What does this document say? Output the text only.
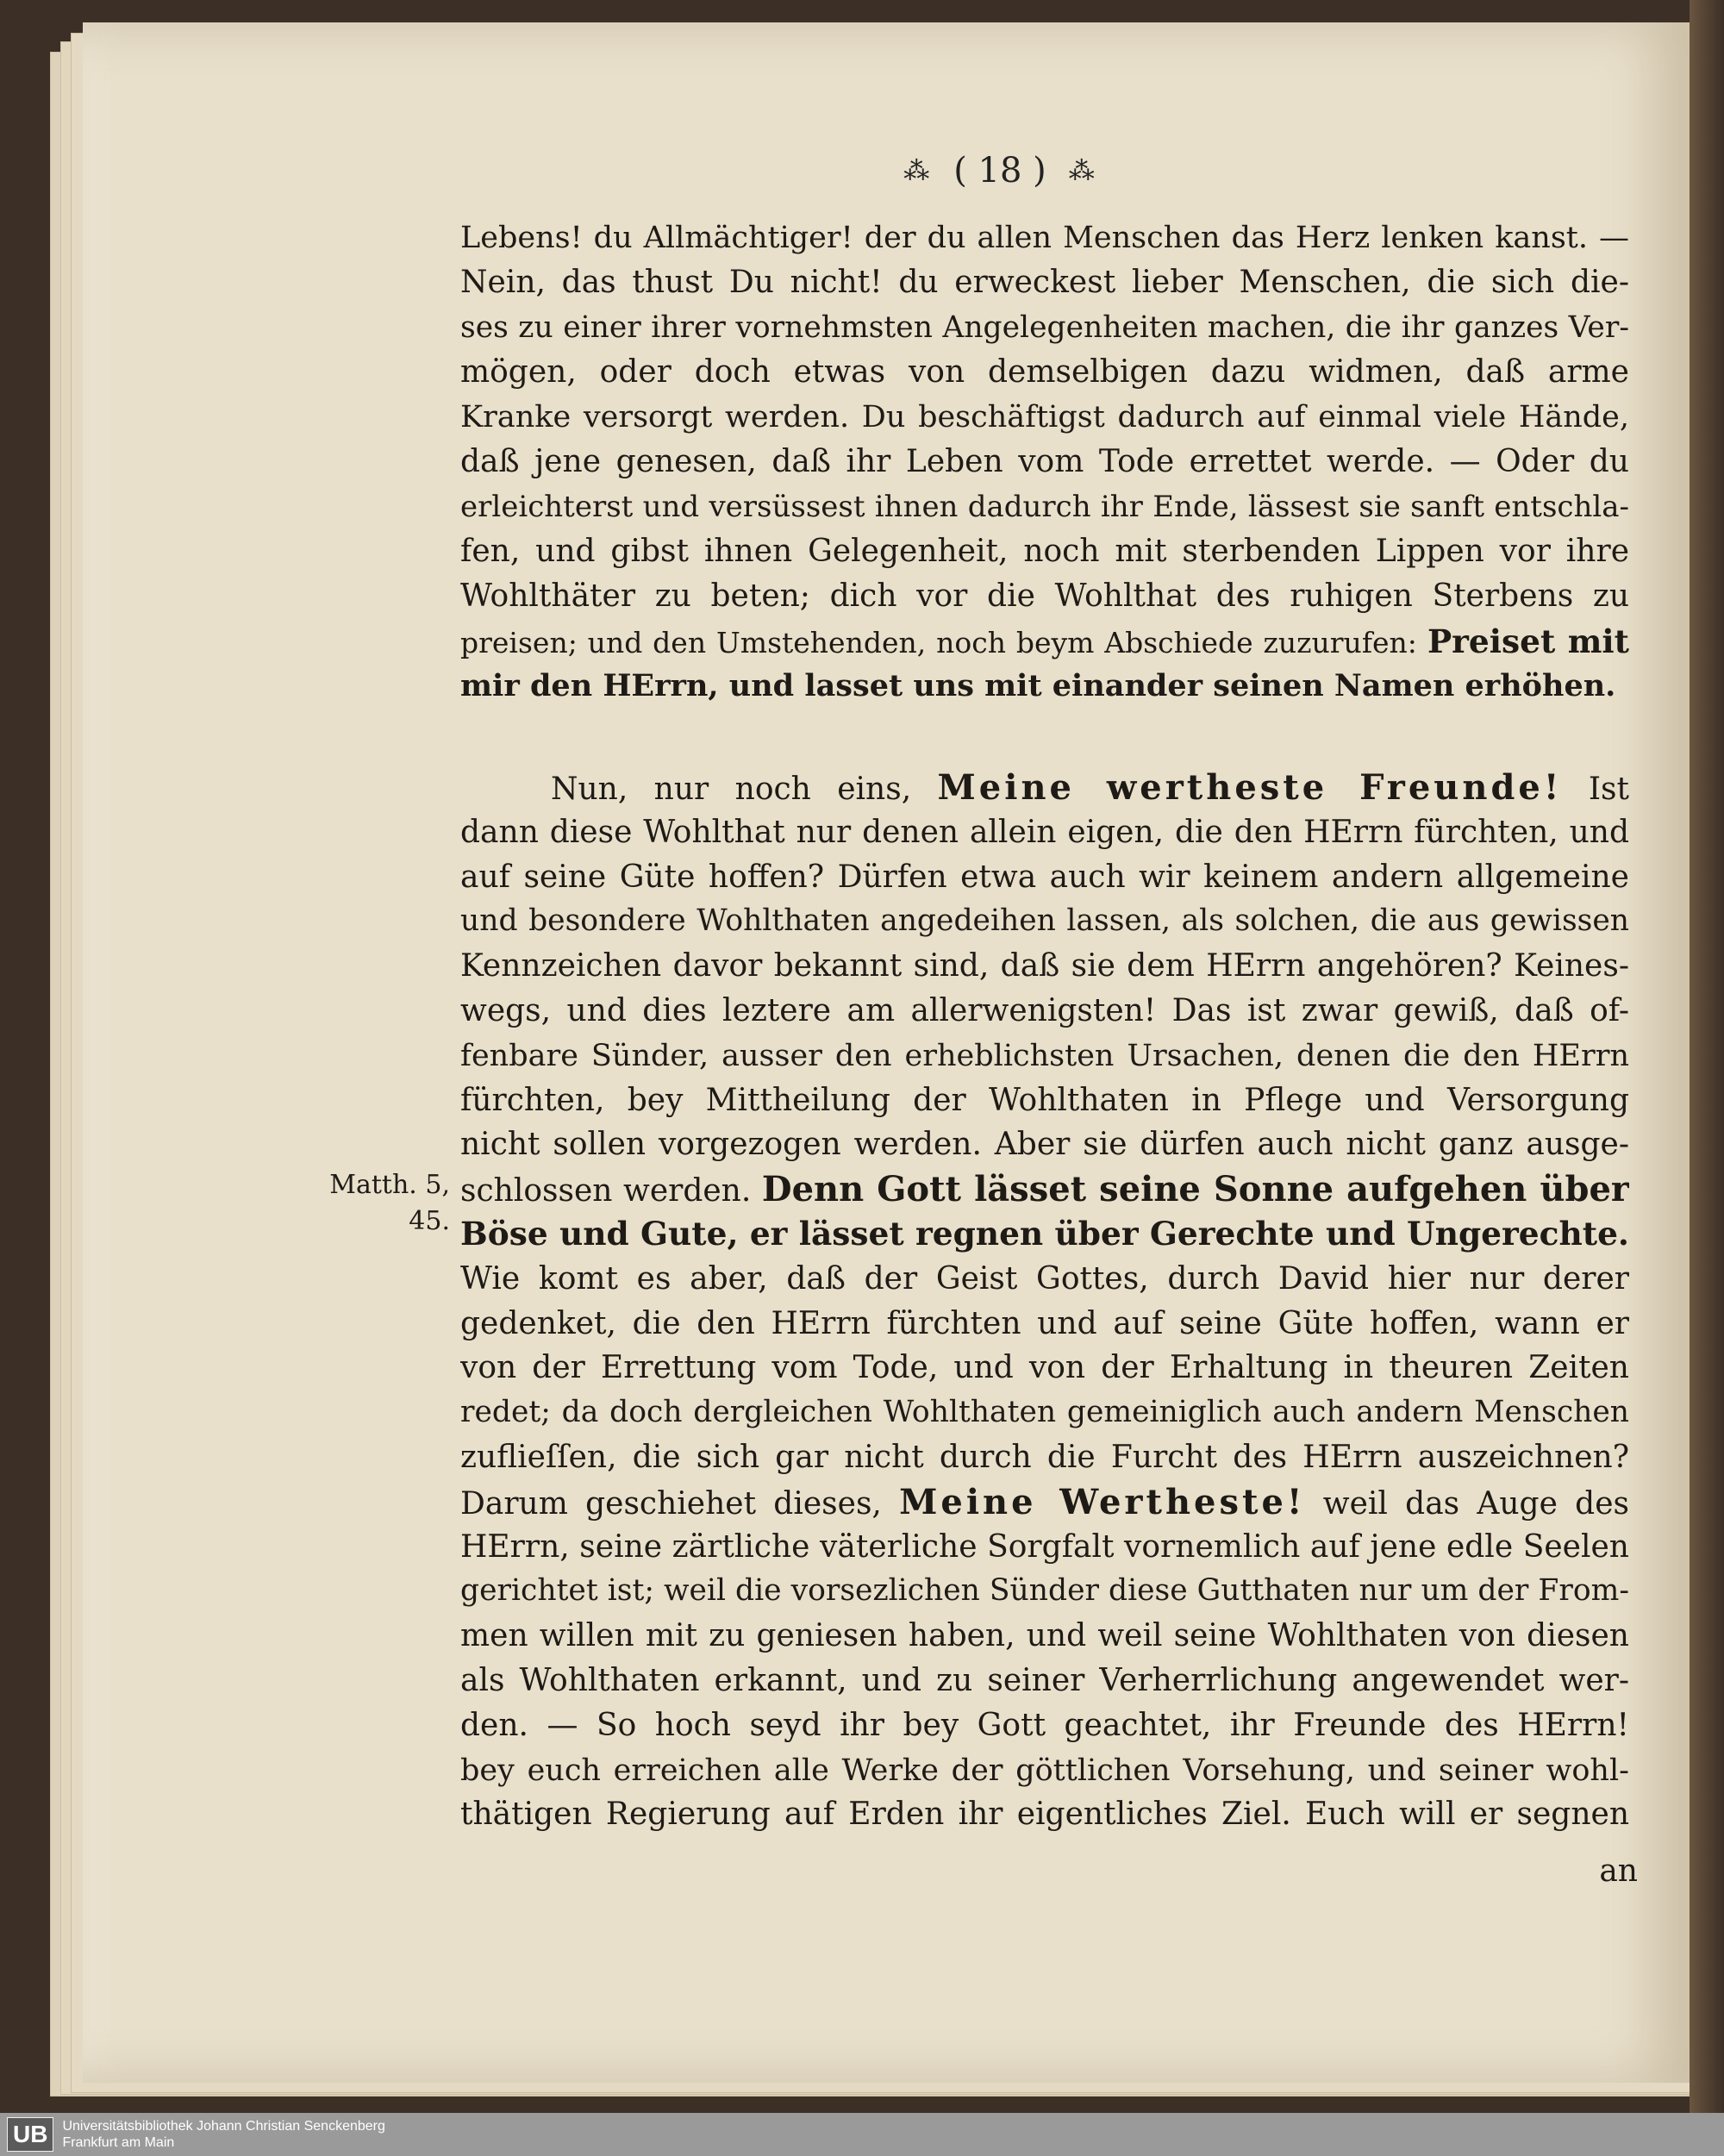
⁂ ( 18 ) ⁂
Lebens! du Allmächtiger! der du allen Menschen das Herz lenken kanst. —
Nein, das thust Du nicht! du erweckest lieber Menschen, die sich die-
ses zu einer ihrer vornehmsten Angelegenheiten machen, die ihr ganzes Ver-
mögen, oder doch etwas von demselbigen dazu widmen, daß arme
Kranke versorgt werden. Du beschäftigst dadurch auf einmal viele Hände,
daß jene genesen, daß ihr Leben vom Tode errettet werde. — Oder du
erleichterst und versüssest ihnen dadurch ihr Ende, lässest sie sanft entschla-
fen, und gibst ihnen Gelegenheit, noch mit sterbenden Lippen vor ihre
Wohlthäter zu beten; dich vor die Wohlthat des ruhigen Sterbens zu
preisen; und den Umstehenden, noch beym Abschiede zuzurufen: Preiset mit
mir den HErrn, und lasset uns mit einander seinen Namen erhöhen.
Nun, nur noch eins, Meine wertheste Freunde! Ist
dann diese Wohlthat nur denen allein eigen, die den HErrn fürchten, und
auf seine Güte hoffen? Dürfen etwa auch wir keinem andern allgemeine
und besondere Wohlthaten angedeihen lassen, als solchen, die aus gewissen
Kennzeichen davor bekannt sind, daß sie dem HErrn angehören? Keines-
wegs, und dies leztere am allerwenigsten! Das ist zwar gewiß, daß of-
fenbare Sünder, ausser den erheblichsten Ursachen, denen die den HErrn
fürchten, bey Mittheilung der Wohlthaten in Pflege und Versorgung
nicht sollen vorgezogen werden. Aber sie dürfen auch nicht ganz ausge-
schlossen werden. Denn Gott lässet seine Sonne aufgehen über
Böse und Gute, er lässet regnen über Gerechte und Ungerechte.
Wie komt es aber, daß der Geist Gottes, durch David hier nur derer
gedenket, die den HErrn fürchten und auf seine Güte hoffen, wann er
von der Errettung vom Tode, und von der Erhaltung in theuren Zeiten
redet; da doch dergleichen Wohlthaten gemeiniglich auch andern Menschen
zuflieſſen, die sich gar nicht durch die Furcht des HErrn auszeichnen?
Darum geschiehet dieses, Meine Wertheste! weil das Auge des
HErrn, seine zärtliche väterliche Sorgfalt vornemlich auf jene edle Seelen
gerichtet ist; weil die vorsezlichen Sünder diese Gutthaten nur um der From-
men willen mit zu geniesen haben, und weil seine Wohlthaten von diesen
als Wohlthaten erkannt, und zu seiner Verherrlichung angewendet wer-
den. — So hoch seyd ihr bey Gott geachtet, ihr Freunde des HErrn!
bey euch erreichen alle Werke der göttlichen Vorsehung, und seiner wohl-
thätigen Regierung auf Erden ihr eigentliches Ziel. Euch will er segnen
Matth. 5, 45.
an
UB	Universitätsbibliothek Johann Christian Senckenberg
Frankfurt am Main
